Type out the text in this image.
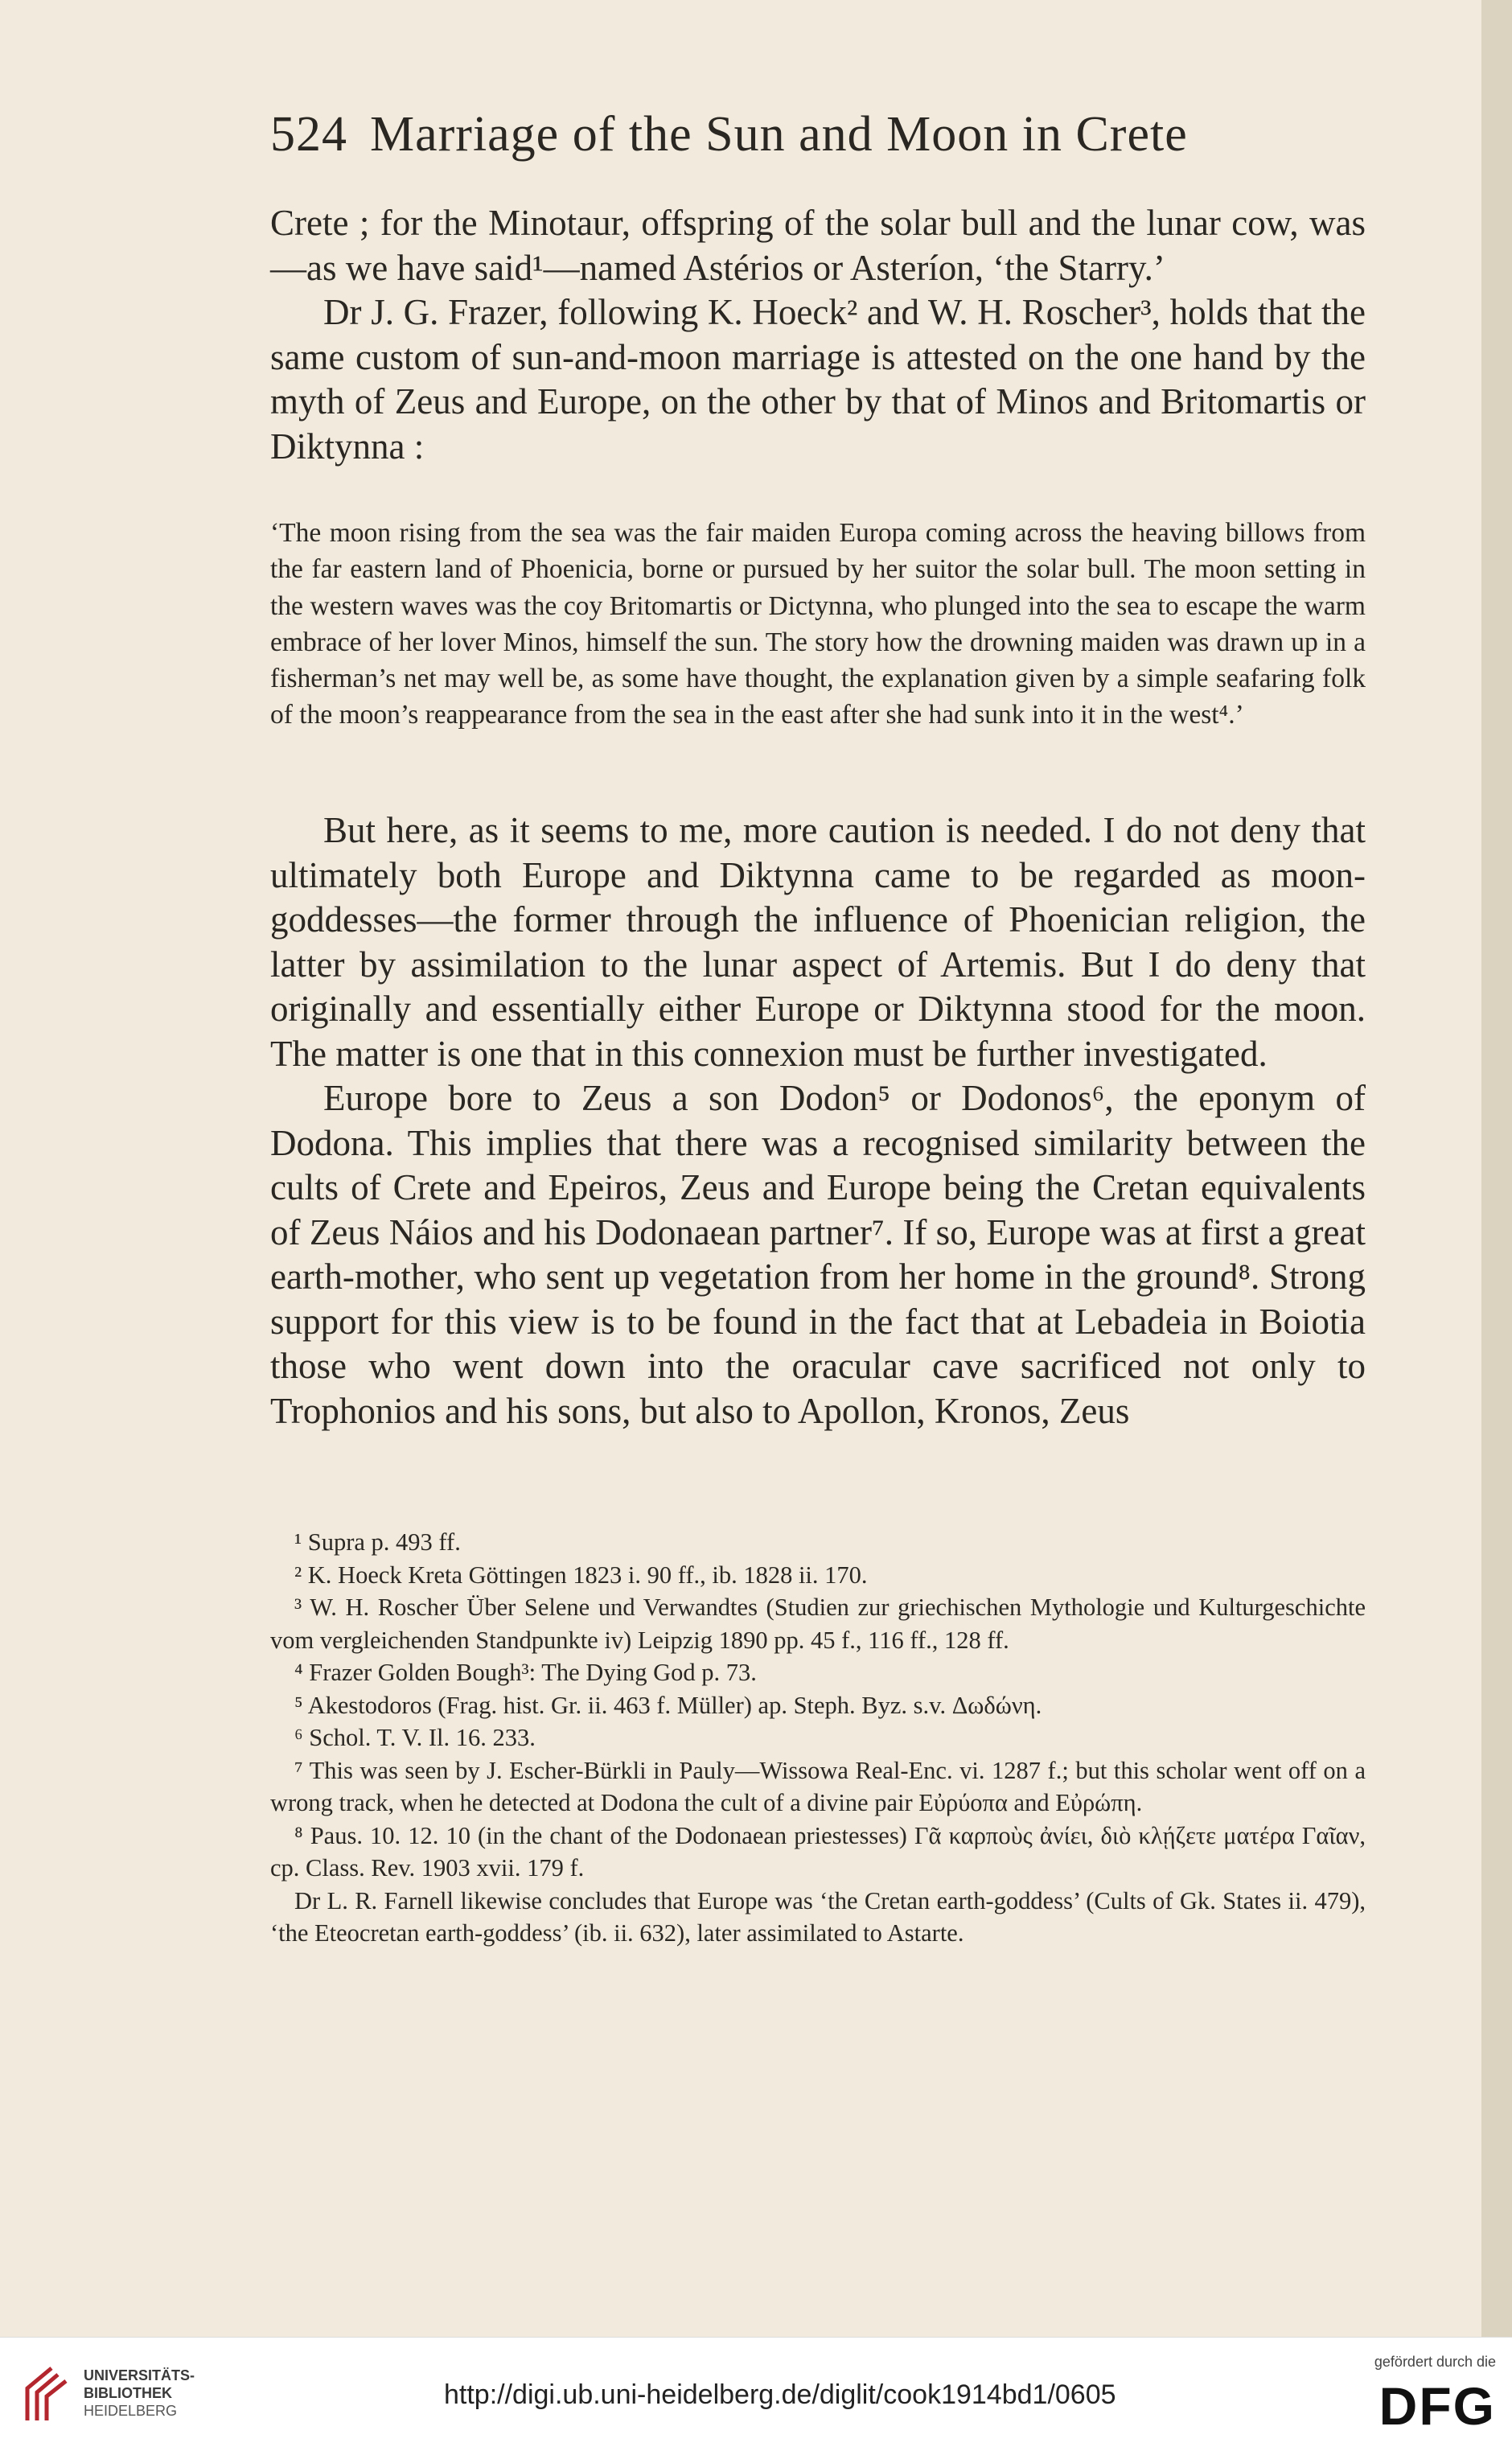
524 Marriage of the Sun and Moon in Crete

Crete ; for the Minotaur, offspring of the solar bull and the lunar cow, was—as we have said¹—named Astérios or Asteríon, ‘the Starry.’

Dr J. G. Frazer, following K. Hoeck² and W. H. Roscher³, holds that the same custom of sun-and-moon marriage is attested on the one hand by the myth of Zeus and Europe, on the other by that of Minos and Britomartis or Diktynna :

‘The moon rising from the sea was the fair maiden Europa coming across the heaving billows from the far eastern land of Phoenicia, borne or pursued by her suitor the solar bull. The moon setting in the western waves was the coy Britomartis or Dictynna, who plunged into the sea to escape the warm embrace of her lover Minos, himself the sun. The story how the drowning maiden was drawn up in a fisherman’s net may well be, as some have thought, the explanation given by a simple seafaring folk of the moon’s reappearance from the sea in the east after she had sunk into it in the west⁴.’

But here, as it seems to me, more caution is needed. I do not deny that ultimately both Europe and Diktynna came to be regarded as moon-goddesses—the former through the influence of Phoenician religion, the latter by assimilation to the lunar aspect of Artemis. But I do deny that originally and essentially either Europe or Diktynna stood for the moon. The matter is one that in this connexion must be further investigated.

Europe bore to Zeus a son Dodon⁵ or Dodonos⁶, the eponym of Dodona. This implies that there was a recognised similarity between the cults of Crete and Epeiros, Zeus and Europe being the Cretan equivalents of Zeus Náios and his Dodonaean partner⁷. If so, Europe was at first a great earth-mother, who sent up vegetation from her home in the ground⁸. Strong support for this view is to be found in the fact that at Lebadeia in Boiotia those who went down into the oracular cave sacrificed not only to Trophonios and his sons, but also to Apollon, Kronos, Zeus

¹ Supra p. 493 ff.

² K. Hoeck Kreta Göttingen 1823 i. 90 ff., ib. 1828 ii. 170.

³ W. H. Roscher Über Selene und Verwandtes (Studien zur griechischen Mythologie und Kulturgeschichte vom vergleichenden Standpunkte iv) Leipzig 1890 pp. 45 f., 116 ff., 128 ff.

⁴ Frazer Golden Bough³: The Dying God p. 73.

⁵ Akestodoros (Frag. hist. Gr. ii. 463 f. Müller) ap. Steph. Byz. s.v. Δωδώνη.

⁶ Schol. T. V. Il. 16. 233.

⁷ This was seen by J. Escher-Bürkli in Pauly—Wissowa Real-Enc. vi. 1287 f.; but this scholar went off on a wrong track, when he detected at Dodona the cult of a divine pair Εὐρύοπα and Εὐρώπη.

⁸ Paus. 10. 12. 10 (in the chant of the Dodonaean priestesses) Γᾶ καρποὺς ἀνίει, διὸ κλῄζετε ματέρα Γαῖαν, cp. Class. Rev. 1903 xvii. 179 f.

Dr L. R. Farnell likewise concludes that Europe was ‘the Cretan earth-goddess’ (Cults of Gk. States ii. 479), ‘the Eteocretan earth-goddess’ (ib. ii. 632), later assimilated to Astarte.

UNIVERSITÄTS-
BIBLIOTHEK
HEIDELBERG
http://digi.ub.uni-heidelberg.de/diglit/cook1914bd1/0605
gefördert durch die
DFG
